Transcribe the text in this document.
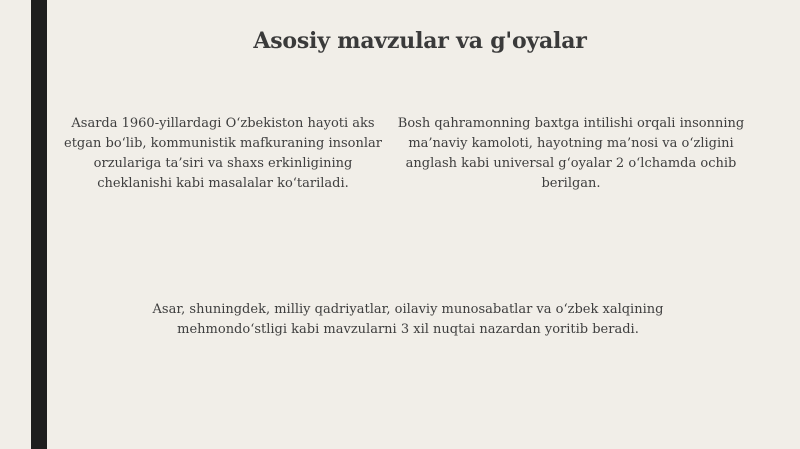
Asosiy mavzular va g'oyalar

Asarda 1960-yillardagi O‘zbekiston hayoti aks etgan bo‘lib, kommunistik mafkuraning insonlar orzulariga ta’siri va shaxs erkinligining cheklanishi kabi masalalar ko‘tariladi.

Bosh qahramonning baxtga intilishi orqali insonning ma’naviy kamoloti, hayotning ma’nosi va o‘zligini anglash kabi universal g‘oyalar 2 o‘lchamda ochib berilgan.

Asar, shuningdek, milliy qadriyatlar, oilaviy munosabatlar va o‘zbek xalqining mehmondo‘stligi kabi mavzularni 3 xil nuqtai nazardan yoritib beradi.
